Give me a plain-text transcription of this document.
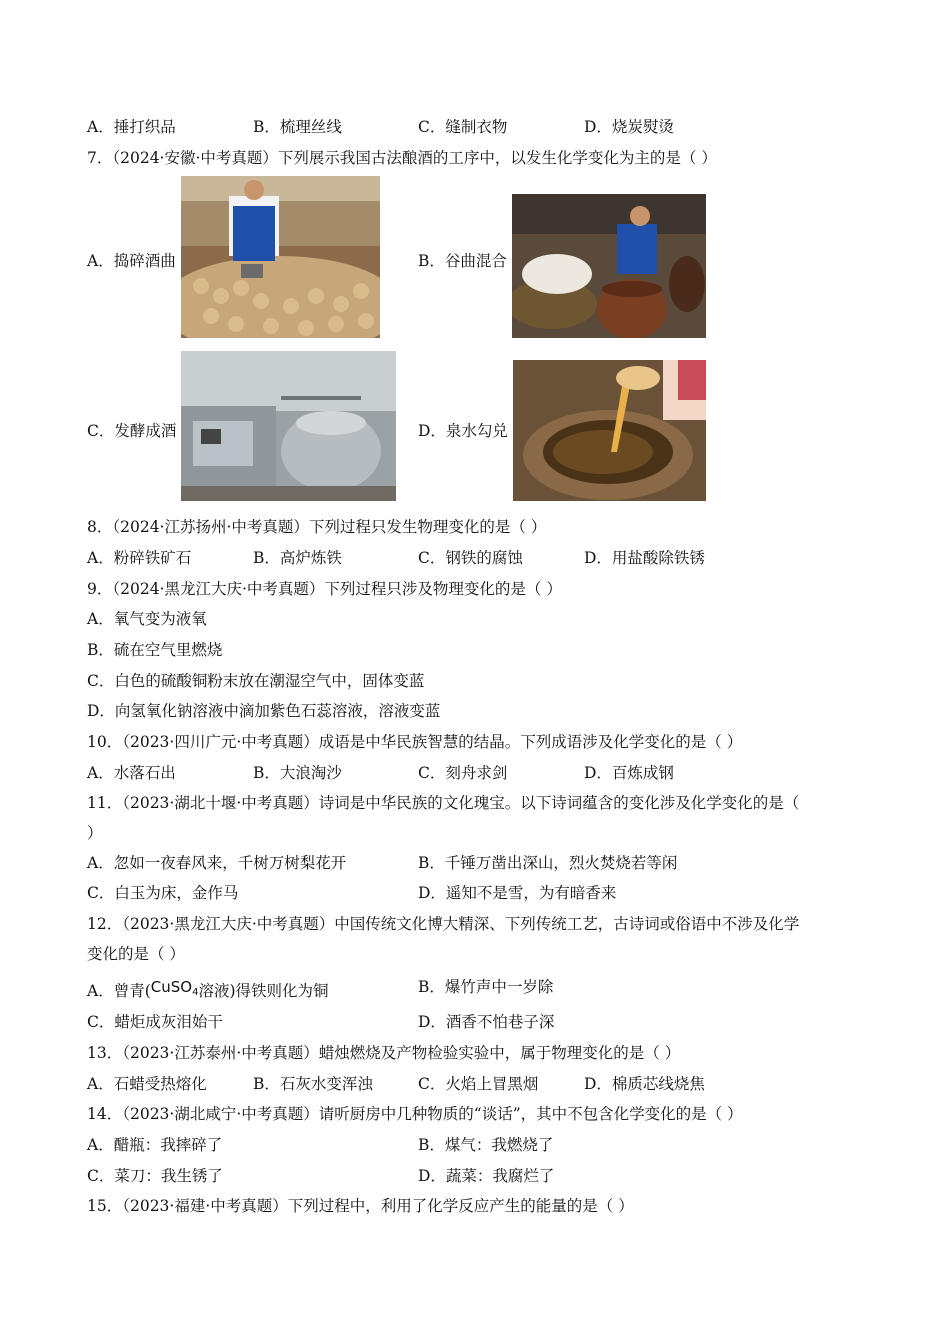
A．捶打织品	B．梳理丝线	C．缝制衣物	D．烧炭熨烫
7．（2024·安徽·中考真题）下列展示我国古法酿酒的工序中，以发生化学变化为主的是（ ）
A．捣碎酒曲	B．谷曲混合
C．发酵成酒	D．泉水勾兑
8．（2024·江苏扬州·中考真题）下列过程只发生物理变化的是（ ）
A．粉碎铁矿石	B．高炉炼铁	C．钢铁的腐蚀	D．用盐酸除铁锈
9．（2024·黑龙江大庆·中考真题）下列过程只涉及物理变化的是（ ）
A．氧气变为液氧
B．硫在空气里燃烧
C．白色的硫酸铜粉末放在潮湿空气中，固体变蓝
D．向氢氧化钠溶液中滴加紫色石蕊溶液，溶液变蓝
10．（2023·四川广元·中考真题）成语是中华民族智慧的结晶。下列成语涉及化学变化的是（ ）
A．水落石出	B．大浪淘沙	C．刻舟求剑	D．百炼成钢
11．（2023·湖北十堰·中考真题）诗词是中华民族的文化瑰宝。以下诗词蕴含的变化涉及化学变化的是（
）
A．忽如一夜春风来，千树万树梨花开	B．千锤万凿出深山，烈火焚烧若等闲
C．白玉为床，金作马	D．遥知不是雪，为有暗香来
12．（2023·黑龙江大庆·中考真题）中国传统文化博大精深、下列传统工艺，古诗词或俗语中不涉及化学
变化的是（ ）
A．曾青(CuSO$_4$溶液)得铁则化为铜	B．爆竹声中一岁除
C．蜡炬成灰泪始干	D．酒香不怕巷子深
13．（2023·江苏泰州·中考真题）蜡烛燃烧及产物检验实验中，属于物理变化的是（ ）
A．石蜡受热熔化	B．石灰水变浑浊	C．火焰上冒黑烟	D．棉质芯线烧焦
14．（2023·湖北咸宁·中考真题）请听厨房中几种物质的“谈话”，其中不包含化学变化的是（ ）
A．醋瓶：我摔碎了	B．煤气：我燃烧了
C．菜刀：我生锈了	D．蔬菜：我腐烂了
15．（2023·福建·中考真题）下列过程中，利用了化学反应产生的能量的是（ ）
